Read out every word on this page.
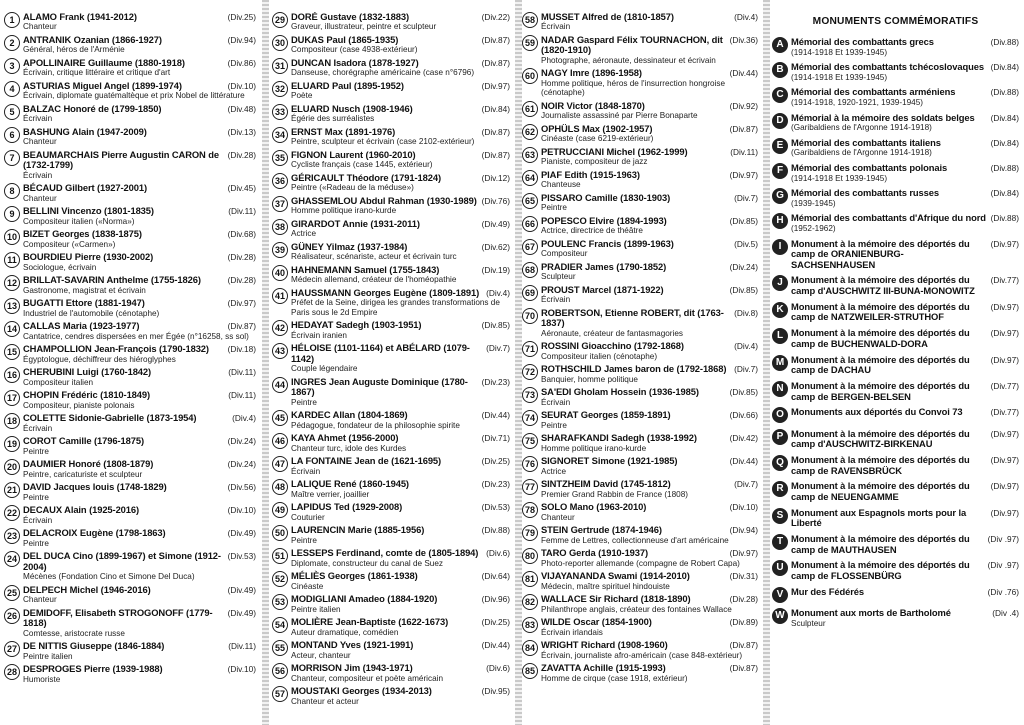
1 ALAMO Frank (1941-2012)	(Div.25)
Chanteur
2 ANTRANIK Ozanian (1866-1927)	(Div.94)
Général, héros de l'Arménie
3 APOLLINAIRE Guillaume (1880-1918)	(Div.86)
Écrivain, critique littéraire et critique d'art
4 ASTURIAS Miguel Angel (1899-1974)	(Div.10)
Écrivain, diplomate guatémaltèque et prix Nobel de littérature
5 BALZAC Honoré de (1799-1850)	(Div.48)
Écrivain
6 BASHUNG Alain (1947-2009)	(Div.13)
Chanteur
7 BEAUMARCHAIS Pierre Augustin CARON de (1732-1799)
(Div.28)
Écrivain
8 BÉCAUD Gilbert (1927-2001)	(Div.45)
Chanteur
9 BELLINI Vincenzo (1801-1835)	(Div.11)
Compositeur italien («Norma»)
10 BIZET Georges (1838-1875)	(Div.68)
Compositeur («Carmen»)
11 BOURDIEU Pierre (1930-2002)	(Div.28)
Sociologue, écrivain
12 BRILLAT-SAVARIN Anthelme (1755-1826)	(Div.28)
Gastronome, magistrat et écrivain
13 BUGATTI Ettore (1881-1947)	(Div.97)
Industriel de l'automobile (cénotaphe)
14 CALLAS Maria (1923-1977)	(Div.87)
Cantatrice, cendres dispersées en mer Égée (n°16258, ss sol)
15 CHAMPOLLION Jean-François (1790-1832)	(Div.18)
Égyptologue, déchiffreur des hiéroglyphes
16 CHERUBINI Luigi (1760-1842)	(Div.11)
Compositeur italien
17 CHOPIN Frédéric (1810-1849)	(Div.11)
Compositeur, pianiste polonais
18 COLETTE Sidonie-Gabrielle (1873-1954)	(Div.4)
Écrivain
19 COROT Camille (1796-1875)	(Div.24)
Peintre
20 DAUMIER Honoré (1808-1879)	(Div.24)
Peintre, caricaturiste et sculpteur
21 DAVID Jacques louis (1748-1829)	(Div.56)
Peintre
22 DECAUX Alain (1925-2016)	(Div.10)
Écrivain
23 DELACROIX Eugène (1798-1863)	(Div.49)
Peintre
24 DEL DUCA Cino (1899-1967) et Simone (1912-2004)
(Div.53)
Mécènes (Fondation Cino et Simone Del Duca)
25 DELPECH Michel (1946-2016)	(Div.49)
Chanteur
26 DEMIDOFF, Elisabeth STROGONOFF (1779-1818)
(Div.49)
Comtesse, aristocrate russe
27 DE NITTIS Giuseppe (1846-1884)	(Div.11)
Peintre italien
28 DESPROGES Pierre (1939-1988)	(Div.10)
Humoriste
29 DORÉ Gustave (1832-1883)	(Div.22)
Graveur, illustrateur, peintre et sculpteur
30 DUKAS Paul (1865-1935)	(Div.87)
Compositeur (case 4938-extérieur)
31 DUNCAN Isadora (1878-1927)	(Div.87)
Danseuse, chorégraphe américaine (case n°6796)
32 ELUARD Paul (1895-1952)	(Div.97)
Poète
33 ELUARD Nusch (1908-1946)	(Div.84)
Égérie des surréalistes
34 ERNST Max (1891-1976)	(Div.87)
Peintre, sculpteur et écrivain (case 2102-extérieur)
35 FIGNON Laurent (1960-2010)	(Div.87)
Cycliste français (case 1445, extérieur)
36 GÉRICAULT Théodore (1791-1824)	(Div.12)
Peintre («Radeau de la méduse»)
37 GHASSEMLOU Abdul Rahman (1930-1989) (Div.76)
Homme politique irano-kurde
38 GIRARDOT Annie (1931-2011)	(Div.49)
Actrice
39 GÜNEY Yilmaz (1937-1984)	(Div.62)
Réalisateur, scénariste, acteur et écrivain turc
40 HAHNEMANN Samuel (1755-1843)	(Div.19)
Médecin allemand, créateur de l'homéopathie
41 HAUSSMANN Georges Eugène (1809-1891) (Div.4)
Préfet de la Seine, dirigea les grandes transformations de Paris sous le 2d Empire
42 HEDAYAT Sadegh (1903-1951)	(Div.85)
Écrivain iranien
43 HÉLOISE (1101-1164) et ABÉLARD (1079-1142)
(Div.7)
Couple légendaire
44 INGRES Jean Auguste Dominique (1780-1867)
(Div.23)
Peintre
45 KARDEC Allan (1804-1869)	(Div.44)
Pédagogue, fondateur de la philosophie spirite
46 KAYA Ahmet (1956-2000)	(Div.71)
Chanteur turc, idole des Kurdes
47 LA FONTAINE Jean de (1621-1695)	(Div.25)
Écrivain
48 LALIQUE René (1860-1945)	(Div.23)
Maître verrier, joaillier
49 LAPIDUS Ted (1929-2008)	(Div.53)
Couturier
50 LAURENCIN Marie (1885-1956)	(Div.88)
Peintre
51 LESSEPS Ferdinand, comte de (1805-1894) (Div.6)
Diplomate, constructeur du canal de Suez
52 MÉLIÈS Georges (1861-1938)	(Div.64)
Cinéaste
53 MODIGLIANI Amadeo (1884-1920)	(Div.96)
Peintre italien
54 MOLIÈRE Jean-Baptiste (1622-1673)	(Div.25)
Auteur dramatique, comédien
55 MONTAND Yves (1921-1991)	(Div.44)
Acteur, chanteur
56 MORRISON Jim (1943-1971)	(Div.6)
Chanteur, compositeur et poète américain
57 MOUSTAKI Georges (1934-2013)	(Div.95)
Chanteur et acteur
58 MUSSET Alfred de (1810-1857)	(Div.4)
Écrivain
59 NADAR Gaspard Félix TOURNACHON, dit (1820-1910)
(Div.36)
Photographe, aéronaute, dessinateur et écrivain
60 NAGY Imre (1896-1958)	(Div.44)
Homme politique, héros de l'insurrection hongroise (cénotaphe)
61 NOIR Victor (1848-1870)	(Div.92)
Journaliste assassiné par Pierre Bonaparte
62 OPHÜLS Max (1902-1957)	(Div.87)
Cinéaste (case 6219-extérieur)
63 PETRUCCIANI Michel (1962-1999)	(Div.11)
Pianiste, compositeur de jazz
64 PIAF Edith (1915-1963)	(Div.97)
Chanteuse
65 PISSARO Camille (1830-1903)	(Div.7)
Peintre
66 POPESCO Elvire (1894-1993)	(Div.85)
Actrice, directrice de théâtre
67 POULENC Francis (1899-1963)	(Div.5)
Compositeur
68 PRADIER James (1790-1852)	(Div.24)
Sculpteur
69 PROUST Marcel (1871-1922)	(Div.85)
Écrivain
70 ROBERTSON, Etienne ROBERT, dit (1763-1837)
(Div.8)
Aéronaute, créateur de fantasmagories
71 ROSSINI Gioacchino (1792-1868)	(Div.4)
Compositeur italien (cénotaphe)
72 ROTHSCHILD James baron de (1792-1868) (Div.7)
Banquier, homme politique
73 SA'EDI Gholam Hossein (1936-1985)	(Div.85)
Écrivain
74 SEURAT Georges (1859-1891)	(Div.66)
Peintre
75 SHARAFKANDI Sadegh (1938-1992)	(Div.42)
Homme politique irano-kurde
76 SIGNORET Simone (1921-1985)	(Div.44)
Actrice
77 SINTZHEIM David (1745-1812)	(Div.7)
Premier Grand Rabbin de France (1808)
78 SOLO Mano (1963-2010)	(Div.10)
Chanteur
79 STEIN Gertrude (1874-1946)	(Div.94)
Femme de Lettres, collectionneuse d'art américaine
80 TARO Gerda (1910-1937)	(Div.97)
Photo-reporter allemande (compagne de Robert Capa)
81 VIJAYANANDA Swami (1914-2010)	(Div.31)
Médecin, maître spirituel hindouiste
82 WALLACE Sir Richard (1818-1890)	(Div.28)
Philanthrope anglais, créateur des fontaines Wallace
83 WILDE Oscar (1854-1900)	(Div.89)
Écrivain irlandais
84 WRIGHT Richard (1908-1960)	(Div.87)
Écrivain, journaliste afro-américain (case 848-extérieur)
85 ZAVATTA Achille (1915-1993)	(Div.87)
Homme de cirque (case 1918, extérieur)
MONUMENTS COMMÉMORATIFS
A Mémorial des combattants grecs	(Div.88)
(1914-1918 Et 1939-1945)
B Mémorial des combattants tchécoslovaques (Div.84)
(1914-1918 Et 1939-1945)
C Mémorial des combattants arméniens	(Div.88)
(1914-1918, 1920-1921, 1939-1945)
D Mémorial à la mémoire des soldats belges	(Div.84)
(Garibaldiens de l'Argonne 1914-1918)
E Mémorial des combattants italiens	(Div.84)
(Garibaldiens de l'Argonne 1914-1918)
F Mémorial des combattants polonais	(Div.88)
(1914-1918 Et 1939-1945)
G Mémorial des combattants russes	(Div.84)
(1939-1945)
H Mémorial des combattants d'Afrique du nord (Div.88)
(1952-1962)
I	Monument à la mémoire des déportés du camp de ORANIENBURG-SACHSENHAUSEN
(Div.97)
J Monument à la mémoire des déportés du camp d'AUSCHWITZ III-BUNA-MONOWITZ
(Div.77)
K Monument à la mémoire des déportés du camp de NATZWEILER-STRUTHOF
(Div.97)
L Monument à la mémoire des déportés du camp de BUCHENWALD-DORA
(Div.97)
M Monument à la mémoire des déportés du camp de DACHAU
(Div.97)
N Monument à la mémoire des déportés du camp de BERGEN-BELSEN
(Div.77)
O Monuments aux déportés du Convoi 73	(Div.77)
P Monument à la mémoire des déportés du camp d'AUSCHWITZ-BIRKENAU
(Div.97)
Q Monument à la mémoire des déportés du camp de RAVENSBRÜCK
(Div.97)
R Monument à la mémoire des déportés du camp de NEUENGAMME
(Div.97)
S Monument aux Espagnols morts pour la Liberté
(Div.97)
T Monument à la mémoire des déportés du camp de MAUTHAUSEN
(Div .97)
U Monument à la mémoire des déportés du camp de FLOSSENBÜRG
(Div .97)
V Mur des Fédérés	(Div .76)
W Monument aux morts de Bartholomé	(Div .4)
Sculpteur
